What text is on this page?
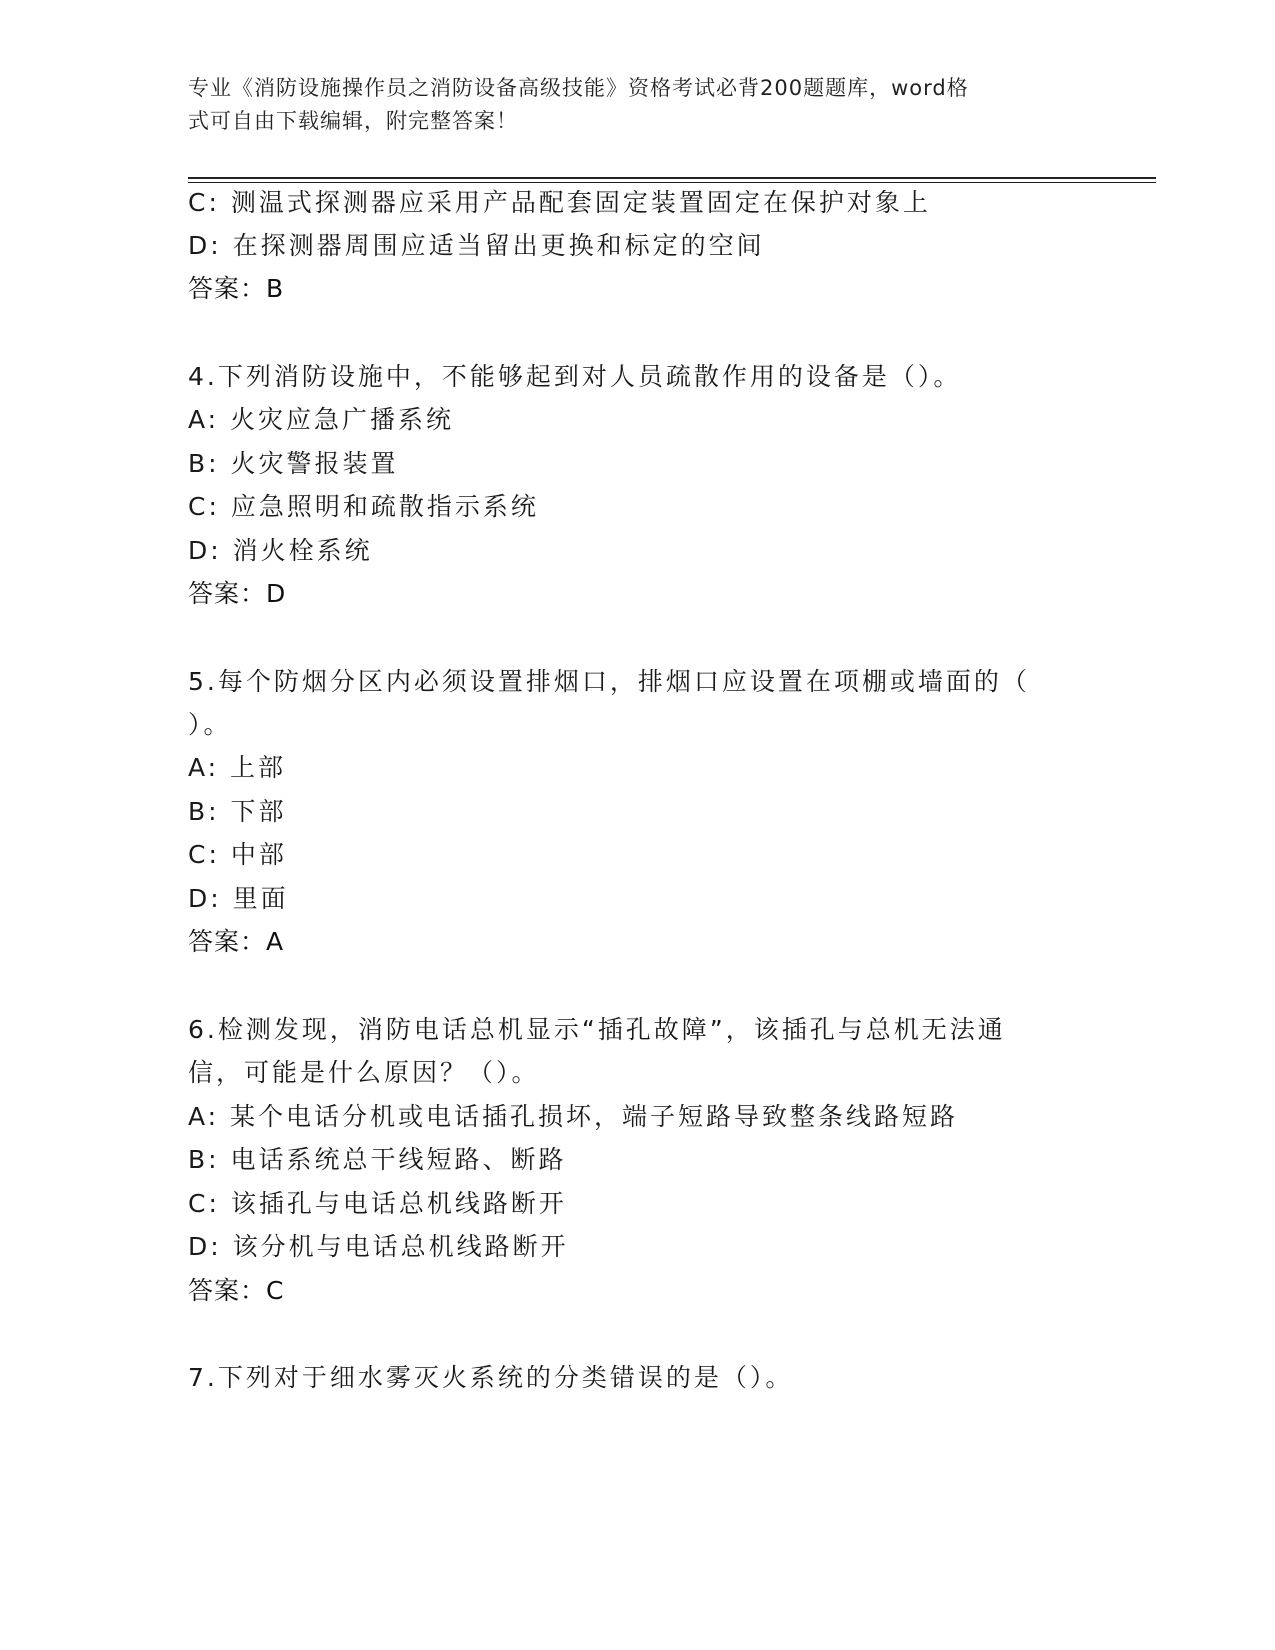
专业《消防设施操作员之消防设备高级技能》资格考试必背200题题库，word格
式可自由下载编辑，附完整答案！
C: 测温式探测器应采用产品配套固定装置固定在保护对象上
D: 在探测器周围应适当留出更换和标定的空间
答案：B
4.下列消防设施中，不能够起到对人员疏散作用的设备是（）。
A: 火灾应急广播系统
B: 火灾警报装置
C: 应急照明和疏散指示系统
D: 消火栓系统
答案：D
5.每个防烟分区内必须设置排烟口，排烟口应设置在项棚或墙面的（
）。
A: 上部
B: 下部
C: 中部
D: 里面
答案：A
6.检测发现，消防电话总机显示“插孔故障”，该插孔与总机无法通
信，可能是什么原因？（）。
A: 某个电话分机或电话插孔损坏，端子短路导致整条线路短路
B: 电话系统总干线短路、断路
C: 该插孔与电话总机线路断开
D: 该分机与电话总机线路断开
答案：C
7.下列对于细水雾灭火系统的分类错误的是（）。
